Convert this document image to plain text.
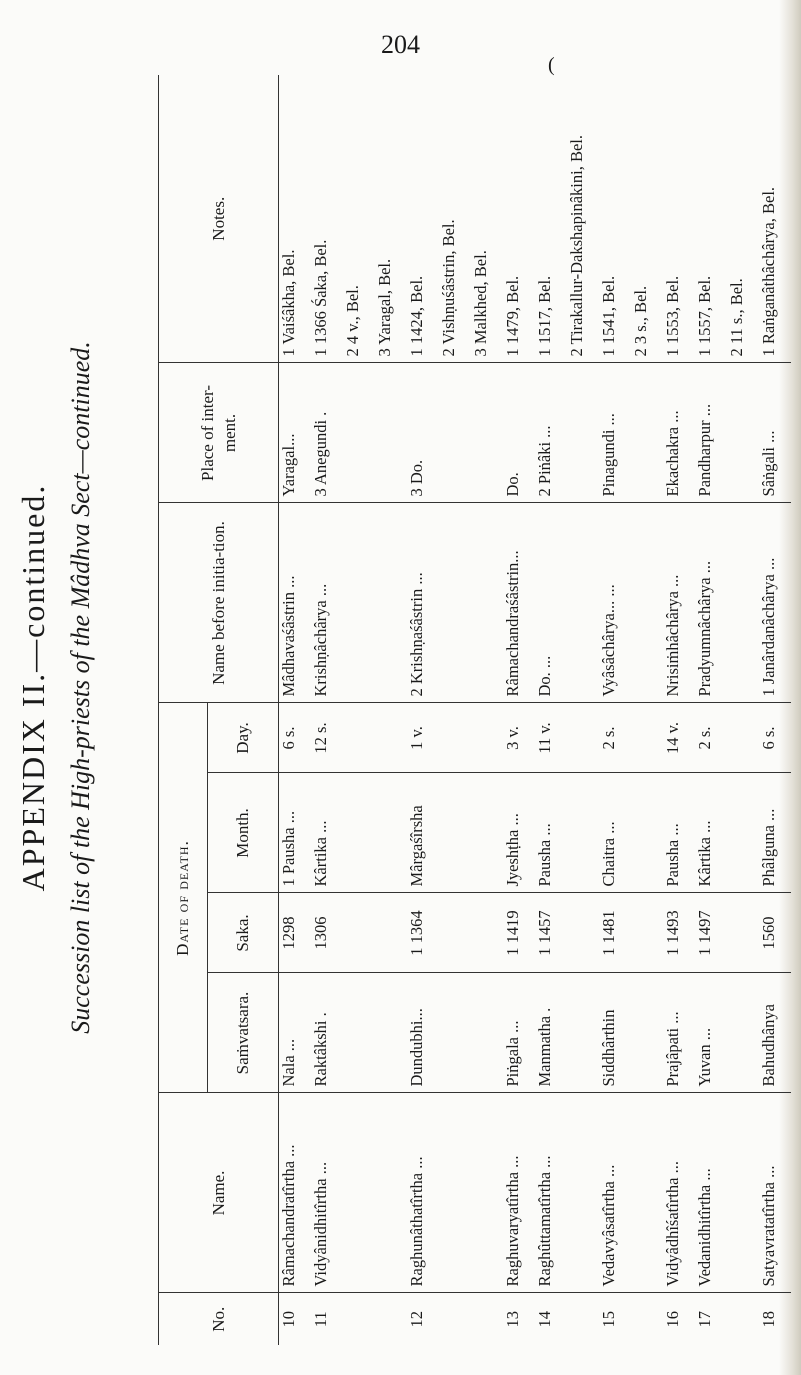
204
(
APPENDIX II.—continued. Succession list of the High-priests of the Mâdhva Sect—continued.
No.	Name.	Date of death.				Name before initia-tion.	Place of inter-ment.	Notes.
		Saṁvatsara.	Saka.	Month.	Day.			
10	Râmachandratîrtha ...	Nala ...	1298	1 Pausha ...	6 s.	Mâdhavaśâstrin ...	Yaragal...	1 Vaiśâkha, Bel.
11	Vidyânidhitîrtha ...	Raktâkshi .	1306	Kârtika ...	12 s.	Krishṇâchârya ...	3 Anegundi .	1 1366 Śaka, Bel.
								2 4 v., Bel.
								3 Yaragal, Bel.
12	Raghunâthatîrtha ...	Dundubhi...	1 1364	Mârgaśîrsha	1 v.	2 Krishṇaśâstrin ...	3 Do.	1 1424, Bel.
								2 Vishṇuśâstrin, Bel.
								3 Malkhed, Bel.
13	Raghuvaryatîrtha ...	Piṅgala ...	1 1419	Jyeshṭha ...	3 v.	Râmachandraśâstrin...	Do.	1 1479, Bel.
14	Raghûttamatîrtha ...	Manmatha .	1 1457	Pausha ...	11 v.	Do. ...	2 Piṅâki ...	1 1517, Bel.
								2 Tirakallur-Dakshapinâkini, Bel.
15	Vedavyâsatîrtha ...	Siddhârthin	1 1481	Chaitra ...	2 s.	Vyâsâchârya... ...	Pinagundi ...	1 1541, Bel.
								2 3 s., Bel.
16	Vidyâdhîśatîrtha ...	Prajâpati ...	1 1493	Pausha ...	14 v.	Nrisiṁhâchârya ...	Ekachakra ...	1 1553, Bel.
17	Vedanidhitîrtha ...	Yuvan ...	1 1497	Kârtika ...	2 s.	Pradyumnâchârya ...	Pandharpur ...	1 1557, Bel.
								2 11 s., Bel.
18	Satyavratatîrtha ...	Bahudhânya	1560	Phâlguna ...	6 s.	1 Janârdanâchârya ...	Sâṅgali ...	1 Raṅganâthâchârya, Bel.
